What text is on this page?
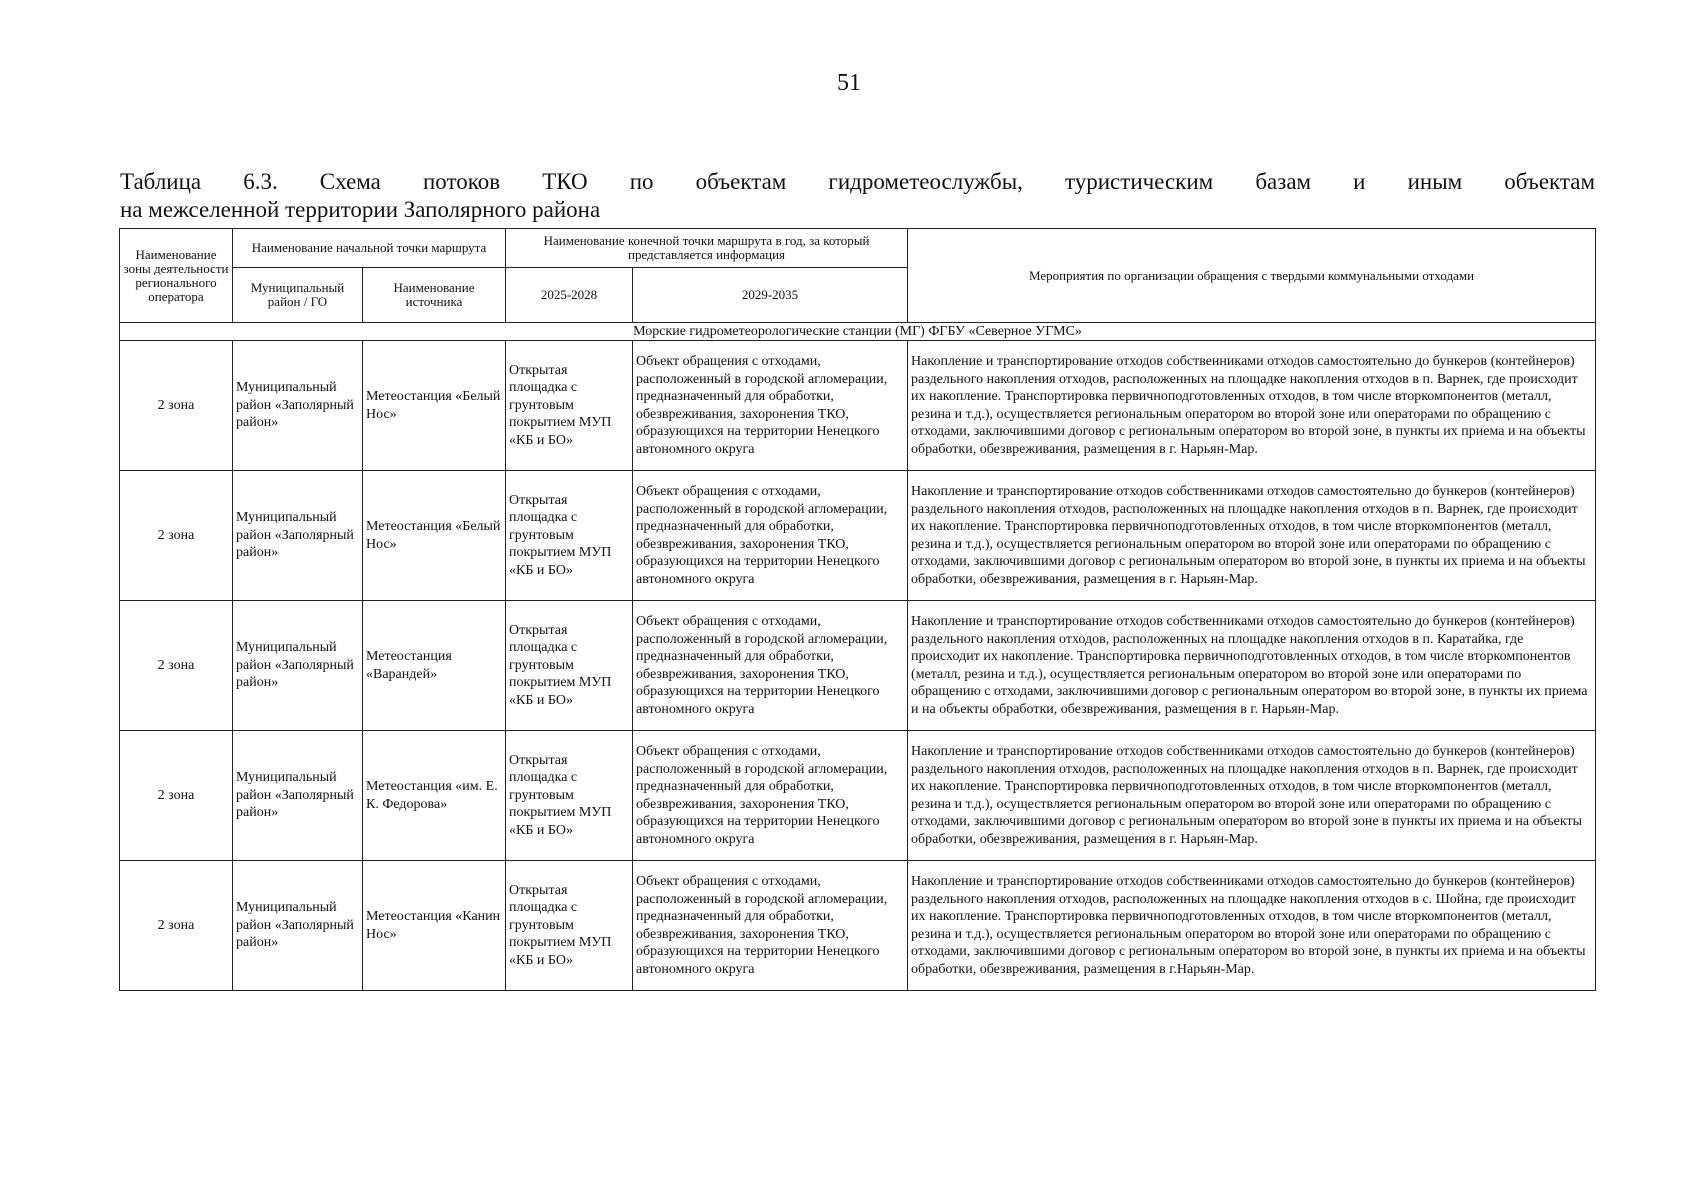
51
Таблица 6.3. Схема потоков ТКО по объектам гидрометеослужбы, туристическим базам и иным объектам
на межселенной территории Заполярного района
Наименование зоны деятельности регионального оператора	Наименование начальной точки маршрута		Наименование конечной точки маршрута в год, за который представляется информация		Мероприятия по организации обращения с твердыми коммунальными отходами
	Муниципальный район / ГО	Наименование источника	2025-2028	2029-2035	
Морские гидрометеорологические станции (МГ) ФГБУ «Северное УГМС»					
2 зона	Муниципальный район «Заполярный район»	Метеостанция «Белый Нос»	Открытая площадка с грунтовым покрытием МУП «КБ и БО»	Объект обращения с отходами, расположенный в городской агломерации, предназначенный для обработки, обезвреживания, захоронения ТКО, образующихся на территории Ненецкого автономного округа	Накопление и транспортирование отходов собственниками отходов самостоятельно до бункеров (контейнеров) раздельного накопления отходов, расположенных на площадке накопления отходов в п. Варнек, где происходит их накопление. Транспортировка первичноподготовленных отходов, в том числе вторкомпонентов (металл, резина и т.д.), осуществляется региональным оператором во второй зоне или операторами по обращению с отходами, заключившими договор с региональным оператором во второй зоне, в пункты их приема и на объекты обработки, обезвреживания, размещения в г. Нарьян-Мар.
2 зона	Муниципальный район «Заполярный район»	Метеостанция «Белый Нос»	Открытая площадка с грунтовым покрытием МУП «КБ и БО»	Объект обращения с отходами, расположенный в городской агломерации, предназначенный для обработки, обезвреживания, захоронения ТКО, образующихся на территории Ненецкого автономного округа	Накопление и транспортирование отходов собственниками отходов самостоятельно до бункеров (контейнеров) раздельного накопления отходов, расположенных на площадке накопления отходов в п. Варнек, где происходит их накопление. Транспортировка первичноподготовленных отходов, в том числе вторкомпонентов (металл, резина и т.д.), осуществляется региональным оператором во второй зоне или операторами по обращению с отходами, заключившими договор с региональным оператором во второй зоне, в пункты их приема и на объекты обработки, обезвреживания, размещения в г. Нарьян-Мар.
2 зона	Муниципальный район «Заполярный район»	Метеостанция «Варандей»	Открытая площадка с грунтовым покрытием МУП «КБ и БО»	Объект обращения с отходами, расположенный в городской агломерации, предназначенный для обработки, обезвреживания, захоронения ТКО, образующихся на территории Ненецкого автономного округа	Накопление и транспортирование отходов собственниками отходов самостоятельно до бункеров (контейнеров) раздельного накопления отходов, расположенных на площадке накопления отходов в п. Каратайка, где происходит их накопление. Транспортировка первичноподготовленных отходов, в том числе вторкомпонентов (металл, резина и т.д.), осуществляется региональным оператором во второй зоне или операторами по обращению с отходами, заключившими договор с региональным оператором во второй зоне, в пункты их приема и на объекты обработки, обезвреживания, размещения в г. Нарьян-Мар.
2 зона	Муниципальный район «Заполярный район»	Метеостанция «им. Е. К. Федорова»	Открытая площадка с грунтовым покрытием МУП «КБ и БО»	Объект обращения с отходами, расположенный в городской агломерации, предназначенный для обработки, обезвреживания, захоронения ТКО, образующихся на территории Ненецкого автономного округа	Накопление и транспортирование отходов собственниками отходов самостоятельно до бункеров (контейнеров) раздельного накопления отходов, расположенных на площадке накопления отходов в п. Варнек, где происходит их накопление. Транспортировка первичноподготовленных отходов, в том числе вторкомпонентов (металл, резина и т.д.), осуществляется региональным оператором во второй зоне или операторами по обращению с отходами, заключившими договор с региональным оператором во второй зоне в пункты их приема и на объекты обработки, обезвреживания, размещения в г. Нарьян-Мар.
2 зона	Муниципальный район «Заполярный район»	Метеостанция «Канин Нос»	Открытая площадка с грунтовым покрытием МУП «КБ и БО»	Объект обращения с отходами, расположенный в городской агломерации, предназначенный для обработки, обезвреживания, захоронения ТКО, образующихся на территории Ненецкого автономного округа	Накопление и транспортирование отходов собственниками отходов самостоятельно до бункеров (контейнеров) раздельного накопления отходов, расположенных на площадке накопления отходов в с. Шойна, где происходит их накопление. Транспортировка первичноподготовленных отходов, в том числе вторкомпонентов (металл, резина и т.д.), осуществляется региональным оператором во второй зоне или операторами по обращению с отходами, заключившими договор с региональным оператором во второй зоне, в пункты их приема и на объекты обработки, обезвреживания, размещения в г.Нарьян-Мар.
